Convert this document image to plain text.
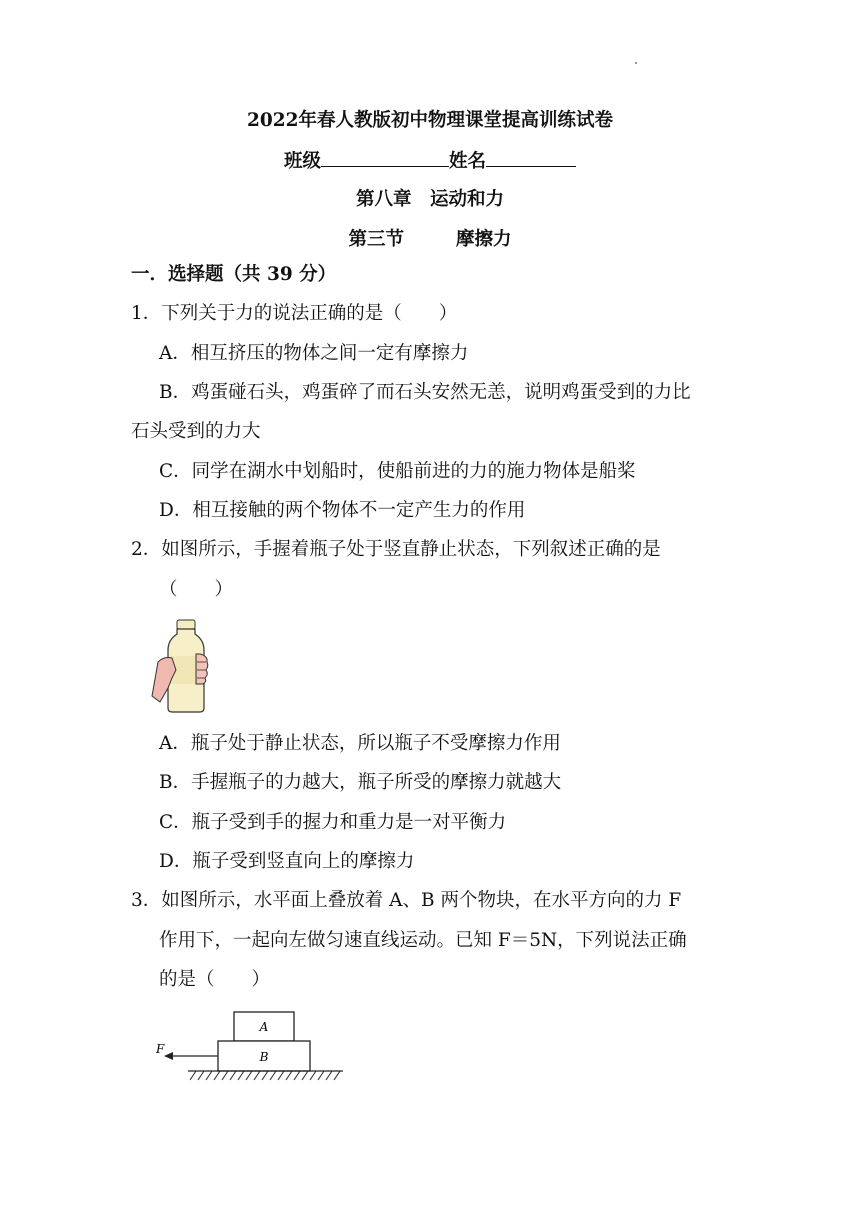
2022年春人教版初中物理课堂提高训练试卷
班级	姓名
第八章　运动和力
第三节	摩擦力
一．选择题（共 39 分）
1．下列关于力的说法正确的是（　　）
A．相互挤压的物体之间一定有摩擦力
B．鸡蛋碰石头，鸡蛋碎了而石头安然无恙，说明鸡蛋受到的力比
石头受到的力大
C．同学在湖水中划船时，使船前进的力的施力物体是船桨
D．相互接触的两个物体不一定产生力的作用
2．如图所示，手握着瓶子处于竖直静止状态，下列叙述正确的是
（　　）
A．瓶子处于静止状态，所以瓶子不受摩擦力作用
B．手握瓶子的力越大，瓶子所受的摩擦力就越大
C．瓶子受到手的握力和重力是一对平衡力
D．瓶子受到竖直向上的摩擦力
3．如图所示，水平面上叠放着 A、B 两个物块，在水平方向的力 F
作用下，一起向左做匀速直线运动。已知 F＝5N，下列说法正确
的是（　　）
A
B
F
